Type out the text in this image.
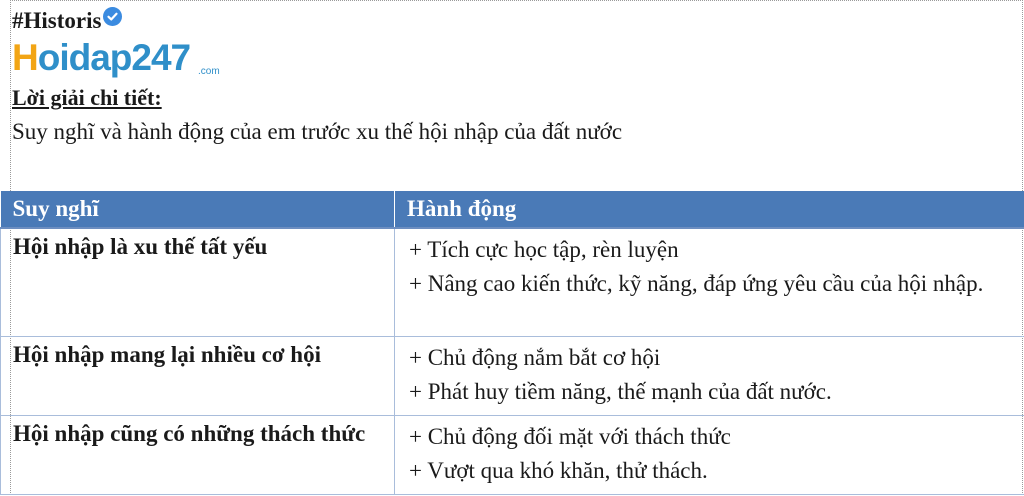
#Historis
Hoidap247 .com
Lời giải chi tiết:
Suy nghĩ và hành động của em trước xu thế hội nhập của đất nước
Suy nghĩ	Hành động
Hội nhập là xu thế tất yếu	+ Tích cực học tập, rèn luyện
+ Nâng cao kiến thức, kỹ năng, đáp ứng yêu cầu của hội nhập.

Hội nhập mang lại nhiều cơ hội	+ Chủ động nắm bắt cơ hội
+ Phát huy tiềm năng, thế mạnh của đất nước.

Hội nhập cũng có những thách thức	+ Chủ động đối mặt với thách thức
+ Vượt qua khó khăn, thử thách.
